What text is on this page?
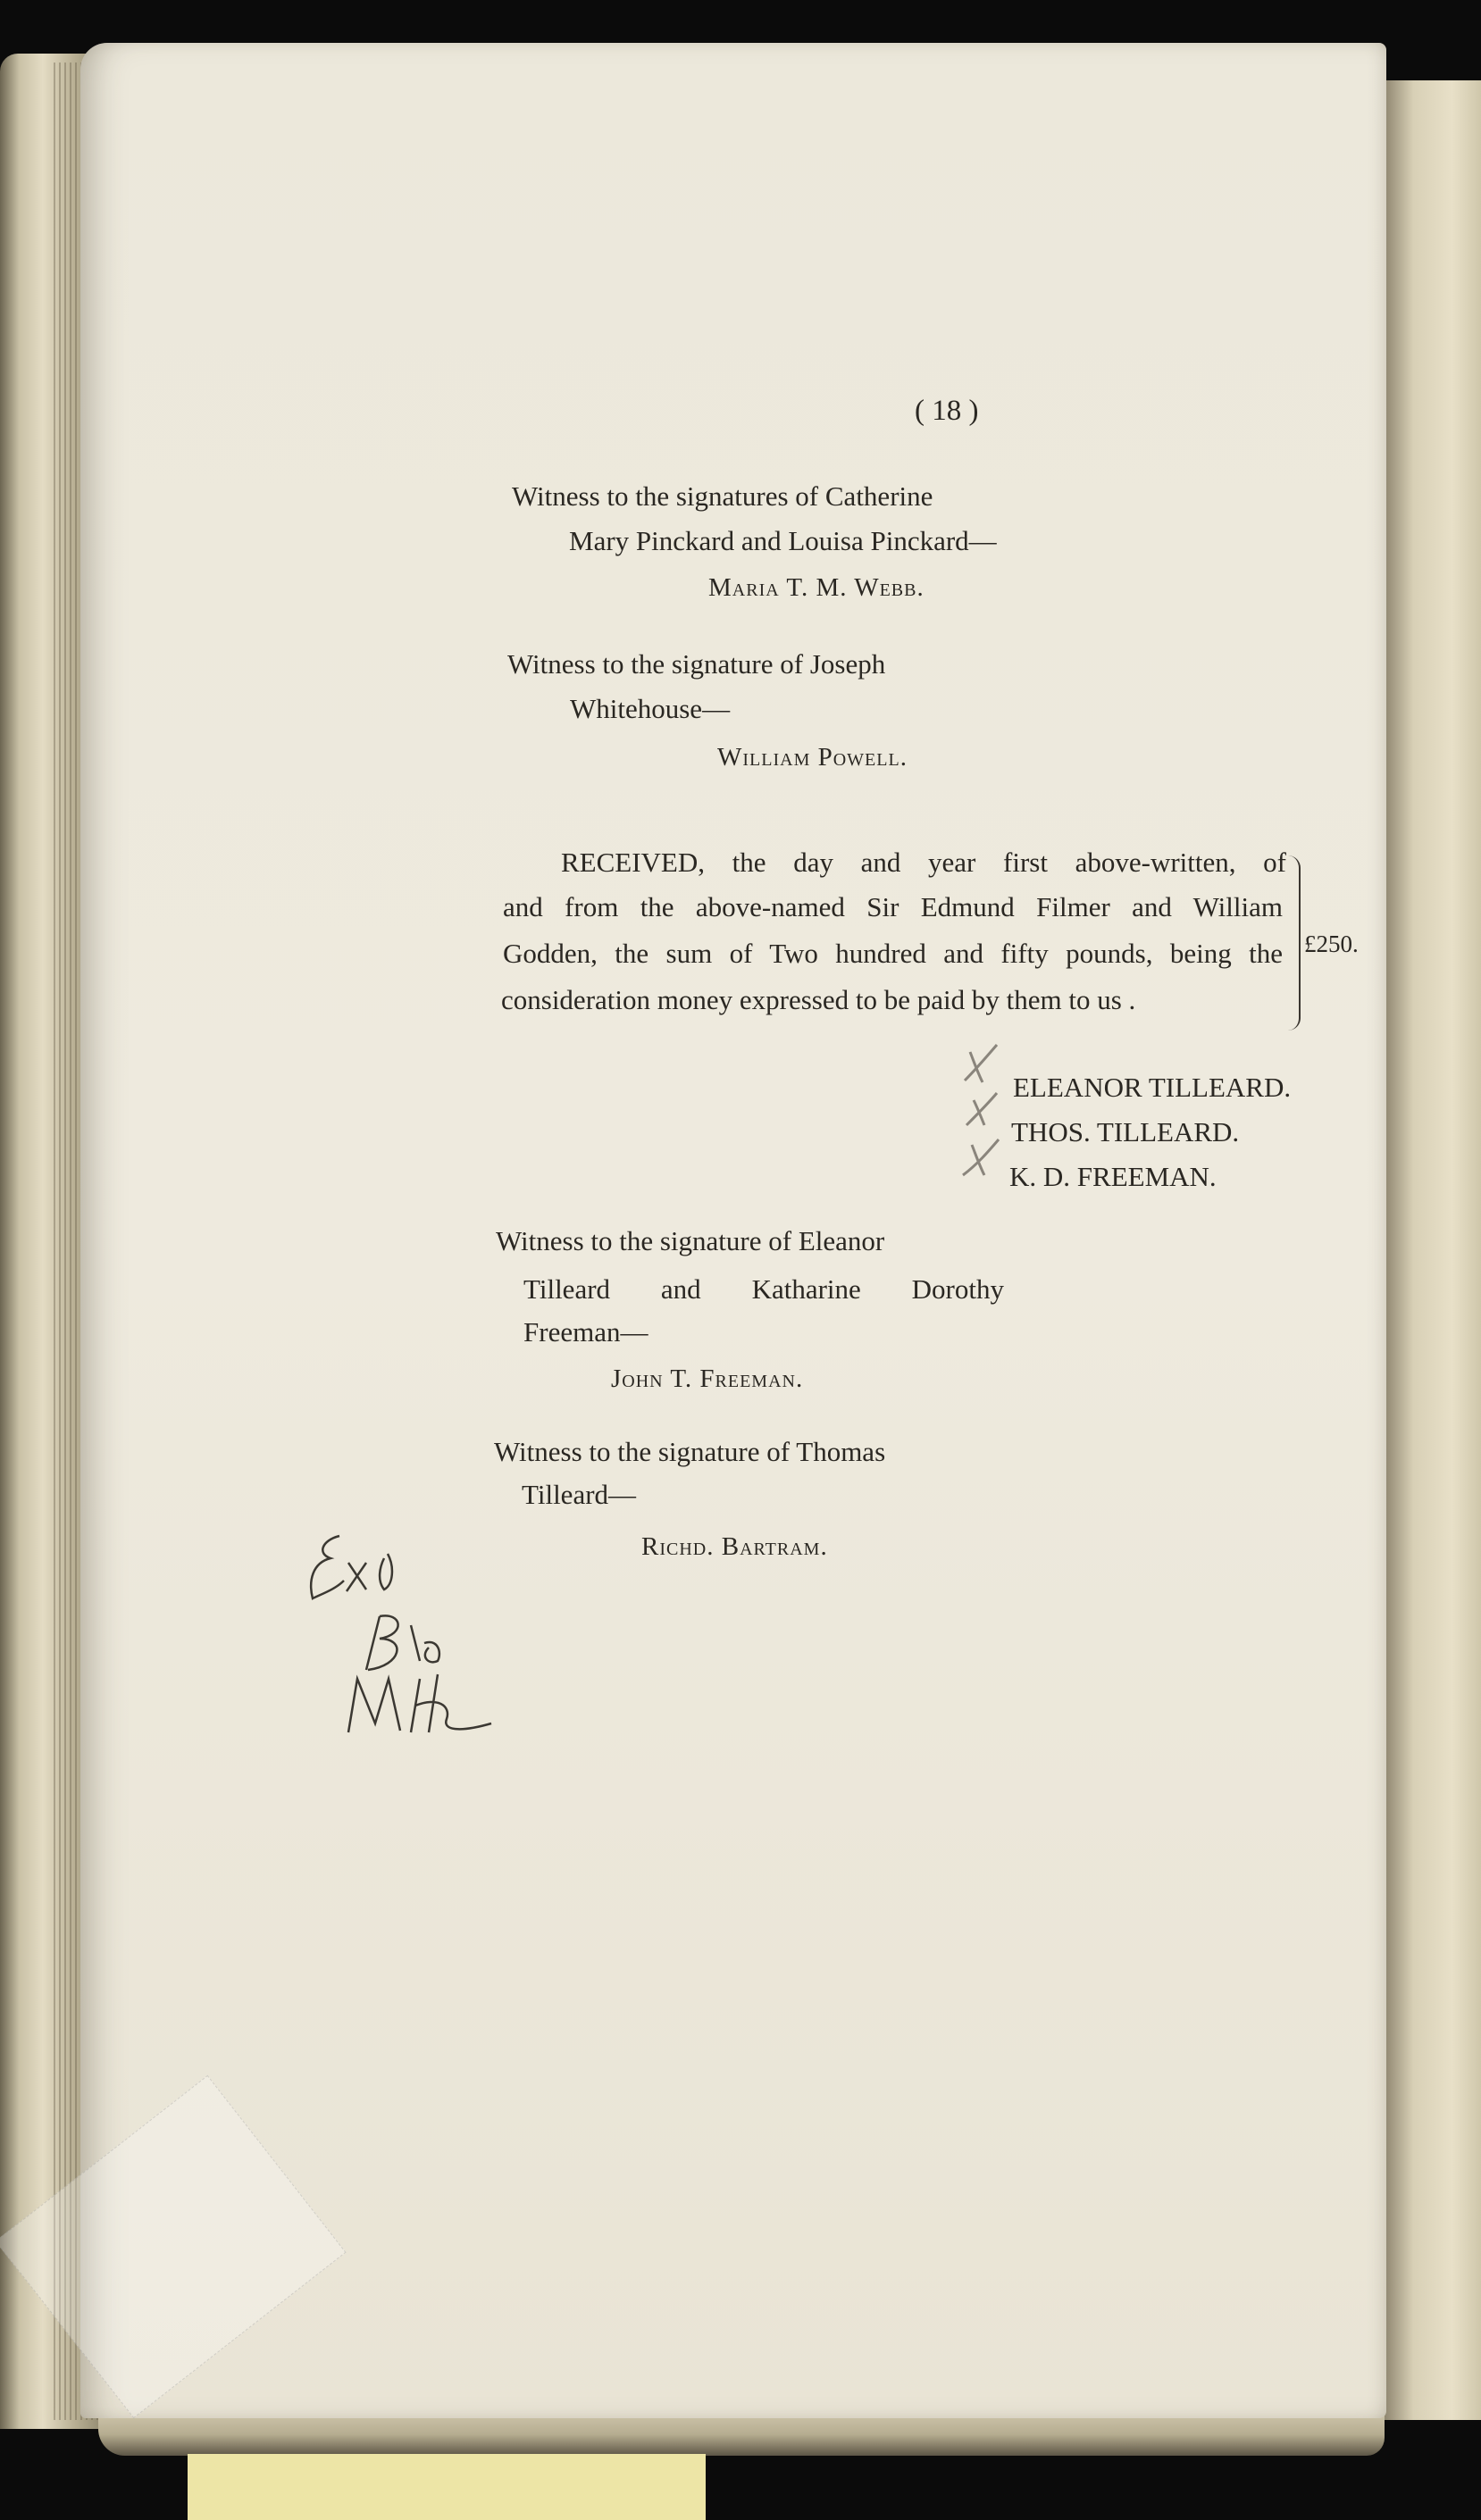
( 18 )
Witness to the signatures of Catherine
Mary Pinckard and Louisa Pinckard—
Maria T. M. Webb.
Witness to the signature of Joseph
Whitehouse—
William Powell.
RECEIVED, the day and year first above-written, of
and from the above-named Sir Edmund Filmer and William
Godden, the sum of Two hundred and fifty pounds, being the
consideration money expressed to be paid by them to us .
£250.
ELEANOR TILLEARD.
THOS. TILLEARD.
K. D. FREEMAN.
Witness to the signature of Eleanor
Tilleard and Katharine Dorothy
Freeman—
John T. Freeman.
Witness to the signature of Thomas
Tilleard—
Richd. Bartram.
